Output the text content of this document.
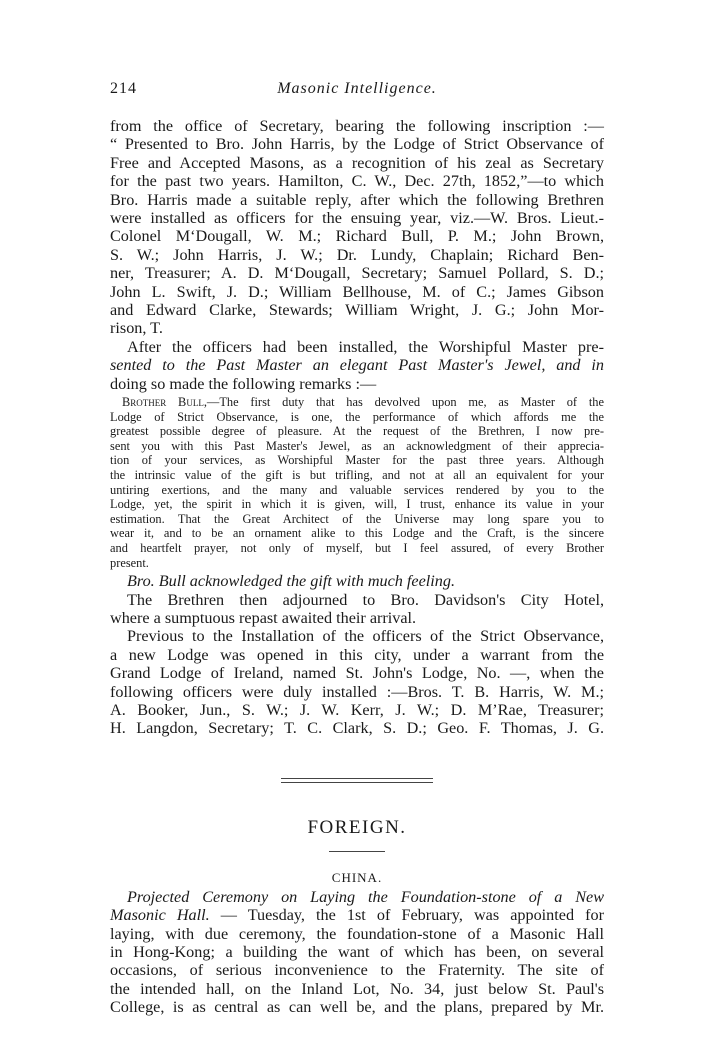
214	Masonic Intelligence.

from the office of Secretary, bearing the following inscription :—
“ Presented to Bro. John Harris, by the Lodge of Strict Observance of
Free and Accepted Masons, as a recognition of his zeal as Secretary
for the past two years. Hamilton, C. W., Dec. 27th, 1852,”—to which
Bro. Harris made a suitable reply, after which the following Brethren
were installed as officers for the ensuing year, viz.—W. Bros. Lieut.-
Colonel M‘Dougall, W. M.; Richard Bull, P. M.; John Brown,
S. W.; John Harris, J. W.; Dr. Lundy, Chaplain; Richard Ben-
ner, Treasurer; A. D. M‘Dougall, Secretary; Samuel Pollard, S. D.;
John L. Swift, J. D.; William Bellhouse, M. of C.; James Gibson
and Edward Clarke, Stewards; William Wright, J. G.; John Mor-
rison, T.

After the officers had been installed, the Worshipful Master pre-
sented to the Past Master an elegant Past Master's Jewel, and in
doing so made the following remarks :—

Brother Bull,—The first duty that has devolved upon me, as Master of the
Lodge of Strict Observance, is one, the performance of which affords me the
greatest possible degree of pleasure. At the request of the Brethren, I now pre-
sent you with this Past Master's Jewel, as an acknowledgment of their apprecia-
tion of your services, as Worshipful Master for the past three years. Although
the intrinsic value of the gift is but trifling, and not at all an equivalent for your
untiring exertions, and the many and valuable services rendered by you to the
Lodge, yet, the spirit in which it is given, will, I trust, enhance its value in your
estimation. That the Great Architect of the Universe may long spare you to
wear it, and to be an ornament alike to this Lodge and the Craft, is the sincere
and heartfelt prayer, not only of myself, but I feel assured, of every Brother
present.

Bro. Bull acknowledged the gift with much feeling.

The Brethren then adjourned to Bro. Davidson's City Hotel,
where a sumptuous repast awaited their arrival.

Previous to the Installation of the officers of the Strict Observance,
a new Lodge was opened in this city, under a warrant from the
Grand Lodge of Ireland, named St. John's Lodge, No. —, when the
following officers were duly installed :—Bros. T. B. Harris, W. M.;
A. Booker, Jun., S. W.; J. W. Kerr, J. W.; D. M’Rae, Treasurer;
H. Langdon, Secretary; T. C. Clark, S. D.; Geo. F. Thomas, J. G.

FOREIGN.
CHINA.

Projected Ceremony on Laying the Foundation-stone of a New
Masonic Hall. — Tuesday, the 1st of February, was appointed for
laying, with due ceremony, the foundation-stone of a Masonic Hall
in Hong-Kong; a building the want of which has been, on several
occasions, of serious inconvenience to the Fraternity. The site of
the intended hall, on the Inland Lot, No. 34, just below St. Paul's
College, is as central as can well be, and the plans, prepared by Mr.
